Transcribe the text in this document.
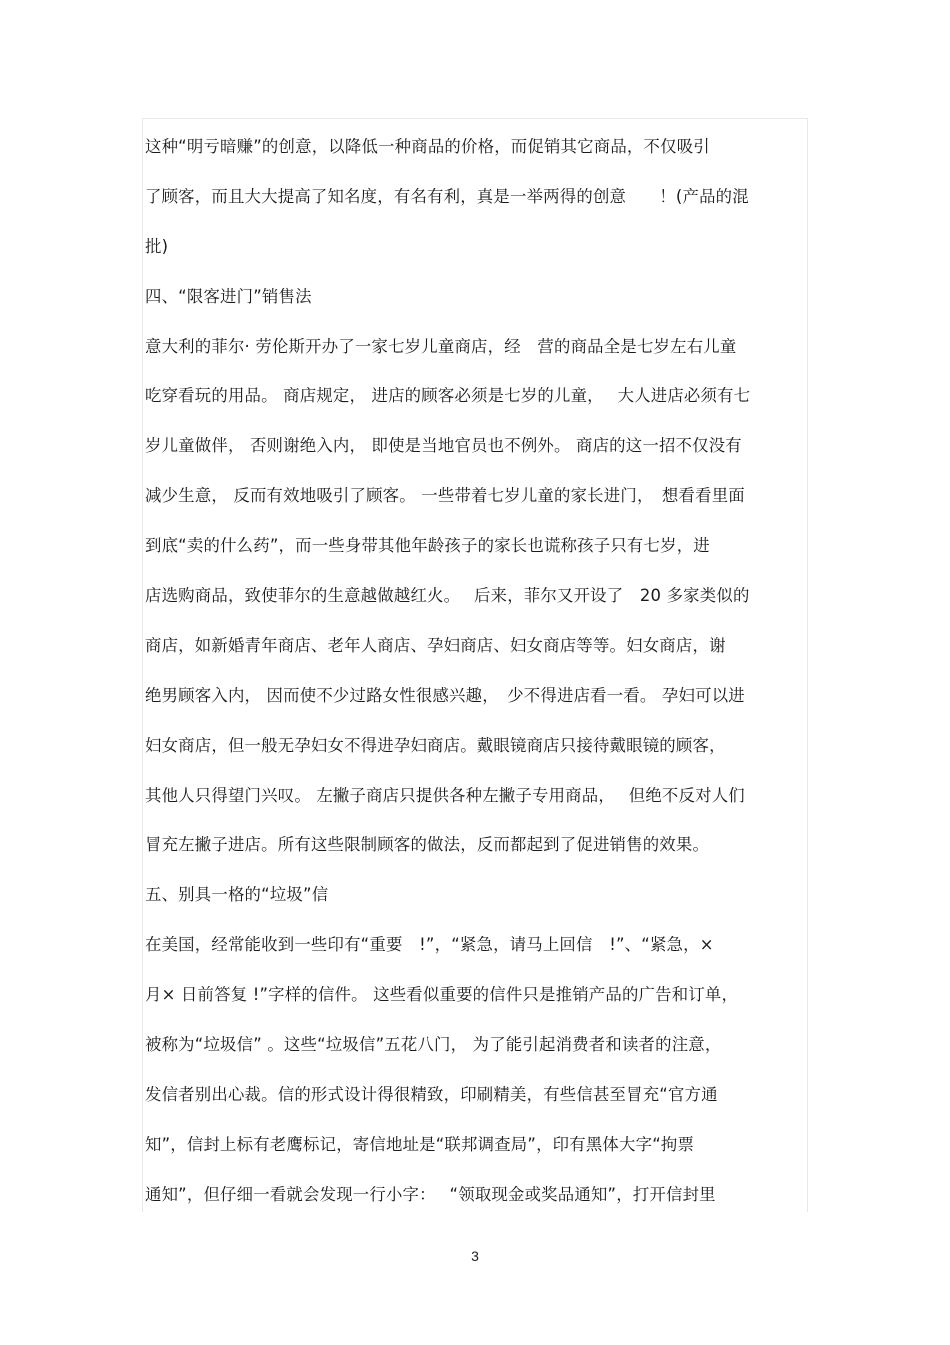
这种“明亏暗赚”的创意，以降低一种商品的价格，而促销其它商品，不仅吸引
了顾客，而且大大提高了知名度，有名有利，真是一举两得的创意　　！(产品的混
批)
四、“限客进门”销售法
意大利的菲尔· 劳伦斯开办了一家七岁儿童商店，经　营的商品全是七岁左右儿童
吃穿看玩的用品。 商店规定， 进店的顾客必须是七岁的儿童，　 大人进店必须有七
岁儿童做伴， 否则谢绝入内， 即使是当地官员也不例外。 商店的这一招不仅没有
减少生意， 反而有效地吸引了顾客。 一些带着七岁儿童的家长进门，　想看看里面
到底“卖的什么药”，而一些身带其他年龄孩子的家长也谎称孩子只有七岁，进
店选购商品，致使菲尔的生意越做越红火。　 后来，菲尔又开设了　20 多家类似的
商店，如新婚青年商店、老年人商店、孕妇商店、妇女商店等等。妇女商店，谢
绝男顾客入内， 因而使不少过路女性很感兴趣，　少不得进店看一看。 孕妇可以进
妇女商店，但一般无孕妇女不得进孕妇商店。戴眼镜商店只接待戴眼镜的顾客，
其他人只得望门兴叹。 左撇子商店只提供各种左撇子专用商品，　 但绝不反对人们
冒充左撇子进店。所有这些限制顾客的做法，反而都起到了促进销售的效果。
五、别具一格的“垃圾”信
在美国，经常能收到一些印有“重要　!”，“紧急，请马上回信　!”、“紧急，×
月× 日前答复 !”字样的信件。 这些看似重要的信件只是推销产品的广告和订单，
被称为“垃圾信” 。这些“垃圾信”五花八门， 为了能引起消费者和读者的注意，
发信者别出心裁。信的形式设计得很精致，印刷精美，有些信甚至冒充“官方通
知”，信封上标有老鹰标记，寄信地址是“联邦调查局”，印有黑体大字“拘票
通知”，但仔细一看就会发现一行小字：　 “领取现金或奖品通知”，打开信封里
3
